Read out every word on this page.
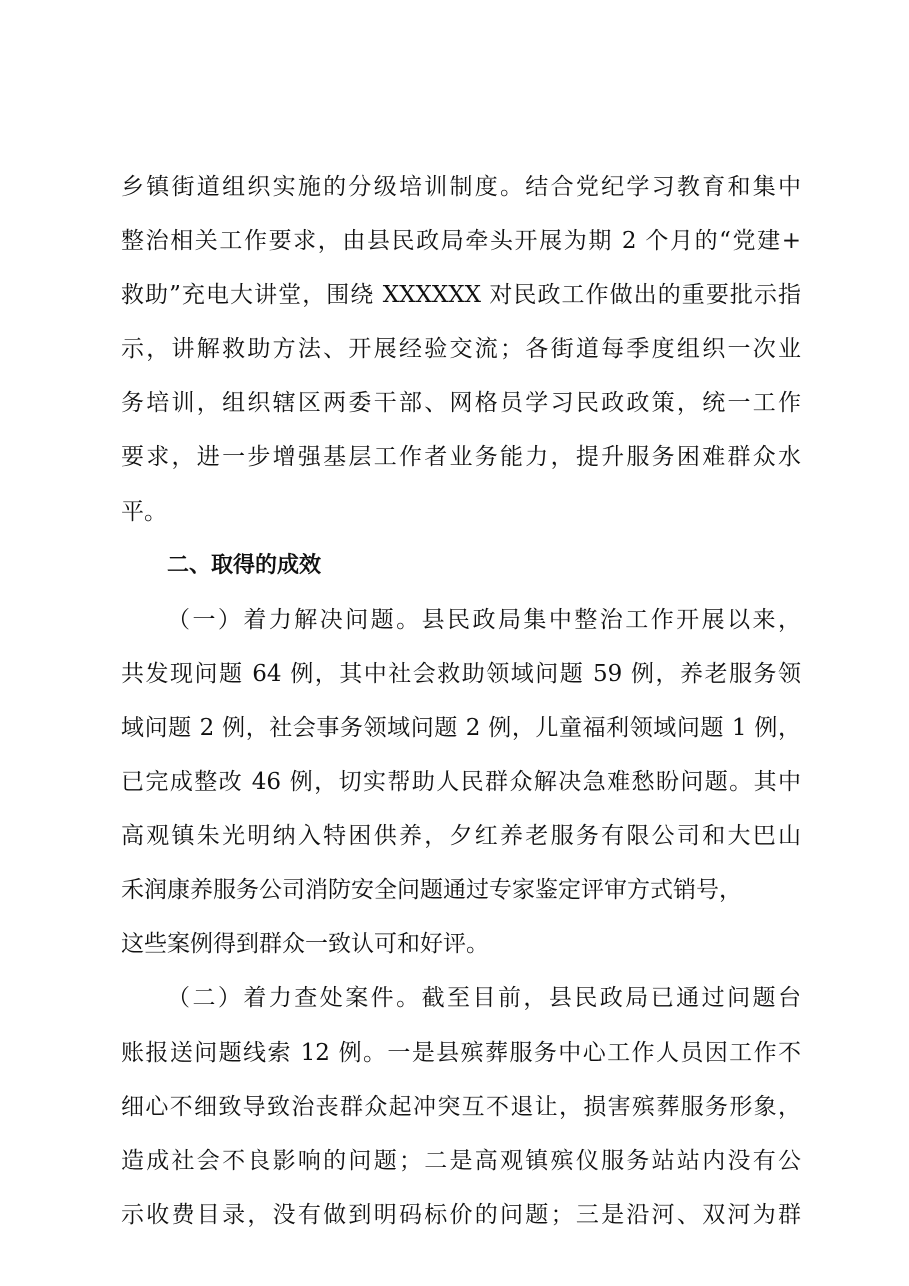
乡镇街道组织实施的分级培训制度。结合党纪学习教育和集中
整治相关工作要求，由县民政局牵头开展为期 2 个月的“党建+
救助”充电大讲堂，围绕 XXXXXX 对民政工作做出的重要批示指
示，讲解救助方法、开展经验交流；各街道每季度组织一次业
务培训，组织辖区两委干部、网格员学习民政政策，统一工作
要求，进一步增强基层工作者业务能力，提升服务困难群众水
平。
二、取得的成效
（一）着力解决问题。县民政局集中整治工作开展以来，
共发现问题 64 例，其中社会救助领域问题 59 例，养老服务领
域问题 2 例，社会事务领域问题 2 例，儿童福利领域问题 1 例，
已完成整改 46 例，切实帮助人民群众解决急难愁盼问题。其中
高观镇朱光明纳入特困供养，夕红养老服务有限公司和大巴山
禾润康养服务公司消防安全问题通过专家鉴定评审方式销号，
这些案例得到群众一致认可和好评。
（二）着力查处案件。截至目前，县民政局已通过问题台
账报送问题线索 12 例。一是县殡葬服务中心工作人员因工作不
细心不细致导致治丧群众起冲突互不退让，损害殡葬服务形象，
造成社会不良影响的问题；二是高观镇殡仪服务站站内没有公
示收费目录，没有做到明码标价的问题；三是沿河、双河为群
